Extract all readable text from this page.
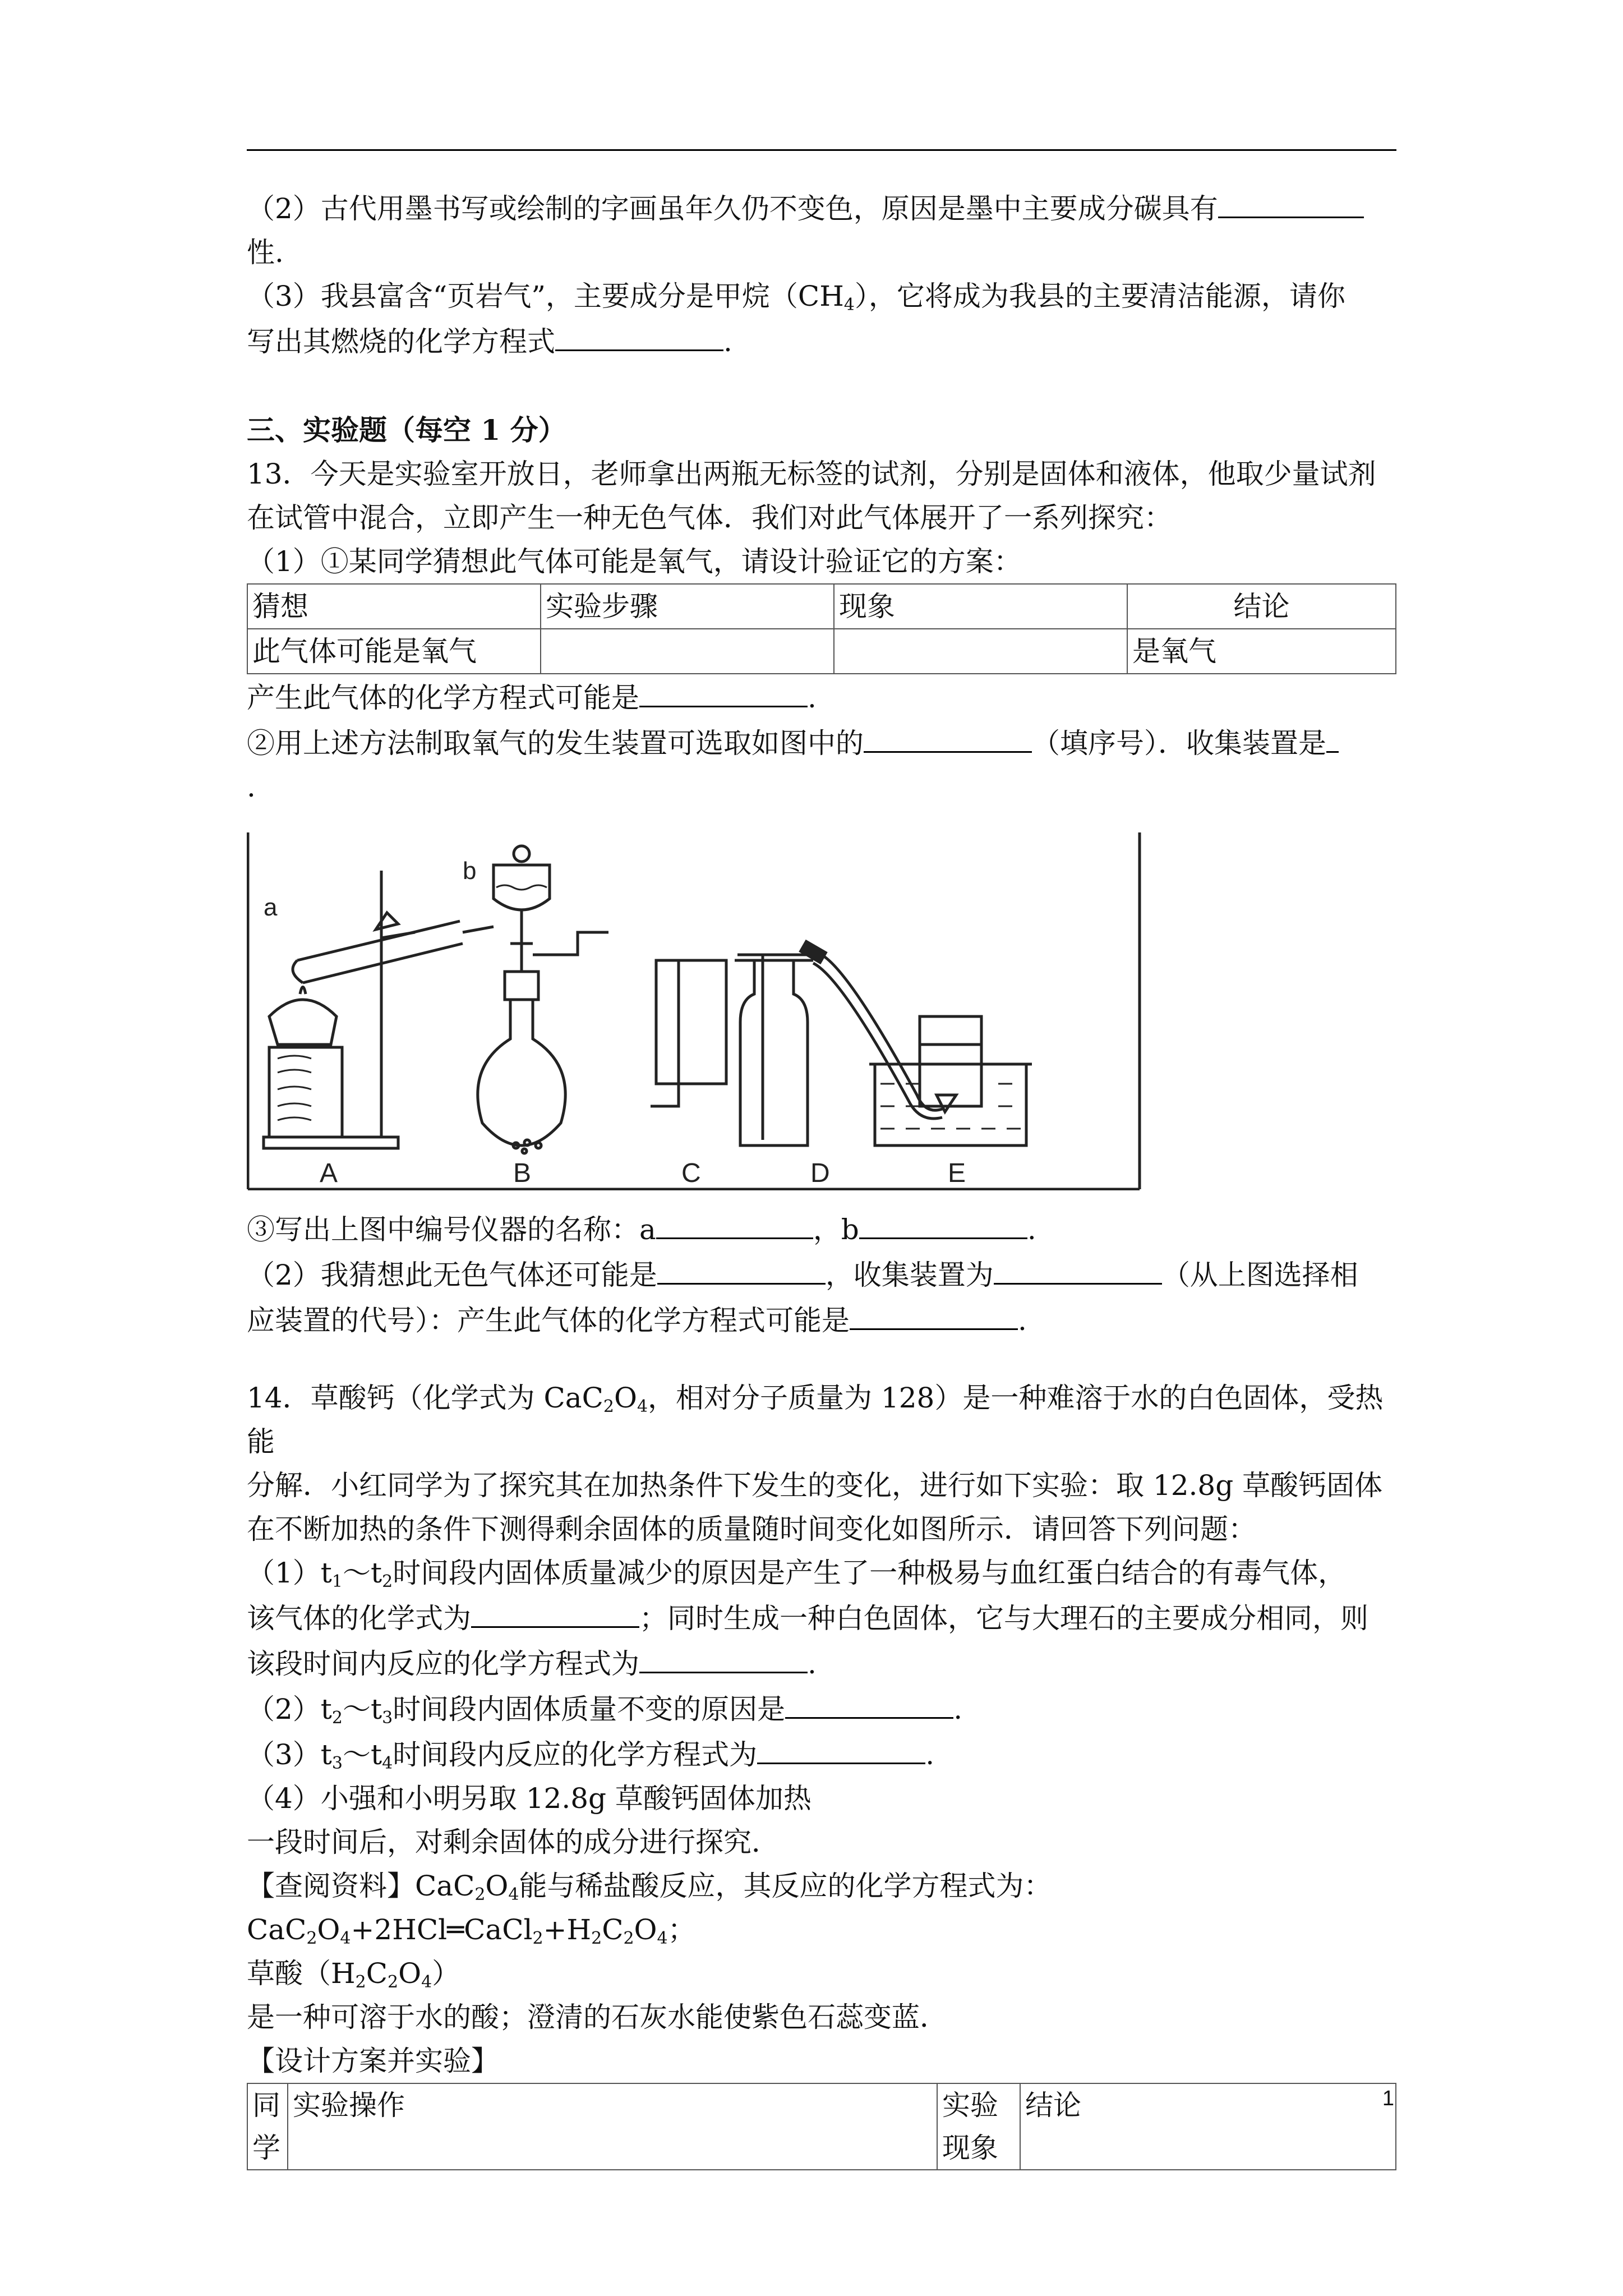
（2）古代用墨书写或绘制的字画虽年久仍不变色，原因是墨中主要成分碳具有
性.

（3）我县富含“页岩气”，主要成分是甲烷$(CH_4)$，它将成为我县的主要清洁能源，请你
写出其燃烧的化学方程式	.

三、实验题（每空 1 分）

13．今天是实验室开放日，老师拿出两瓶无标签的试剂，分别是固体和液体，他取少量试剂
在试管中混合，立即产生一种无色气体．我们对此气体展开了一系列探究：

（1）①某同学猜想此气体可能是氧气，请设计验证它的方案：

猜想	实验步骤	现象	结论
此气体可能是氧气			是氧气

产生此气体的化学方程式可能是	.

②用上述方法制取氧气的发生装置可选取如图中的	（填序号）．收集装置是
.

a
b
A	B	C	D	E

③写出上图中编号仪器的名称：a	，b	.

（2）我猜想此无色气体还可能是	，收集装置为	（从上图选择相
应装置的代号）：产生此气体的化学方程式可能是	.

14．草酸钙（化学式为 $CaC_2O_4$，相对分子质量为 128）是一种难溶于水的白色固体，受热能
分解．小红同学为了探究其在加热条件下发生的变化，进行如下实验：取 12.8g 草酸钙固体
在不断加热的条件下测得剩余固体的质量随时间变化如图所示．请回答下列问题：

$(1)t_1\sim t_2$时间段内固体质量减少的原因是产生了一种极易与血红蛋白结合的有毒气体，
该气体的化学式为	；同时生成一种白色固体，它与大理石的主要成分相同，则
该段时间内反应的化学方程式为	.

$(2)t_2\sim t_3$时间段内固体质量不变的原因是	.

$(3)t_3\sim t_4$时间段内反应的化学方程式为	.

（4）小强和小明另取 12.8g 草酸钙固体加热
一段时间后，对剩余固体的成分进行探究．

【查阅资料】$CaC_2O_4$能与稀盐酸反应，其反应的化学方程式为：$CaC_2O_4+2HCl═CaCl_2+H_2C_2O_4$；
草酸$(H_2C_2O_4)$
是一种可溶于水的酸；澄清的石灰水能使紫色石蕊变蓝．

【设计方案并实验】

同学	实验操作	实验现象	结论	1
